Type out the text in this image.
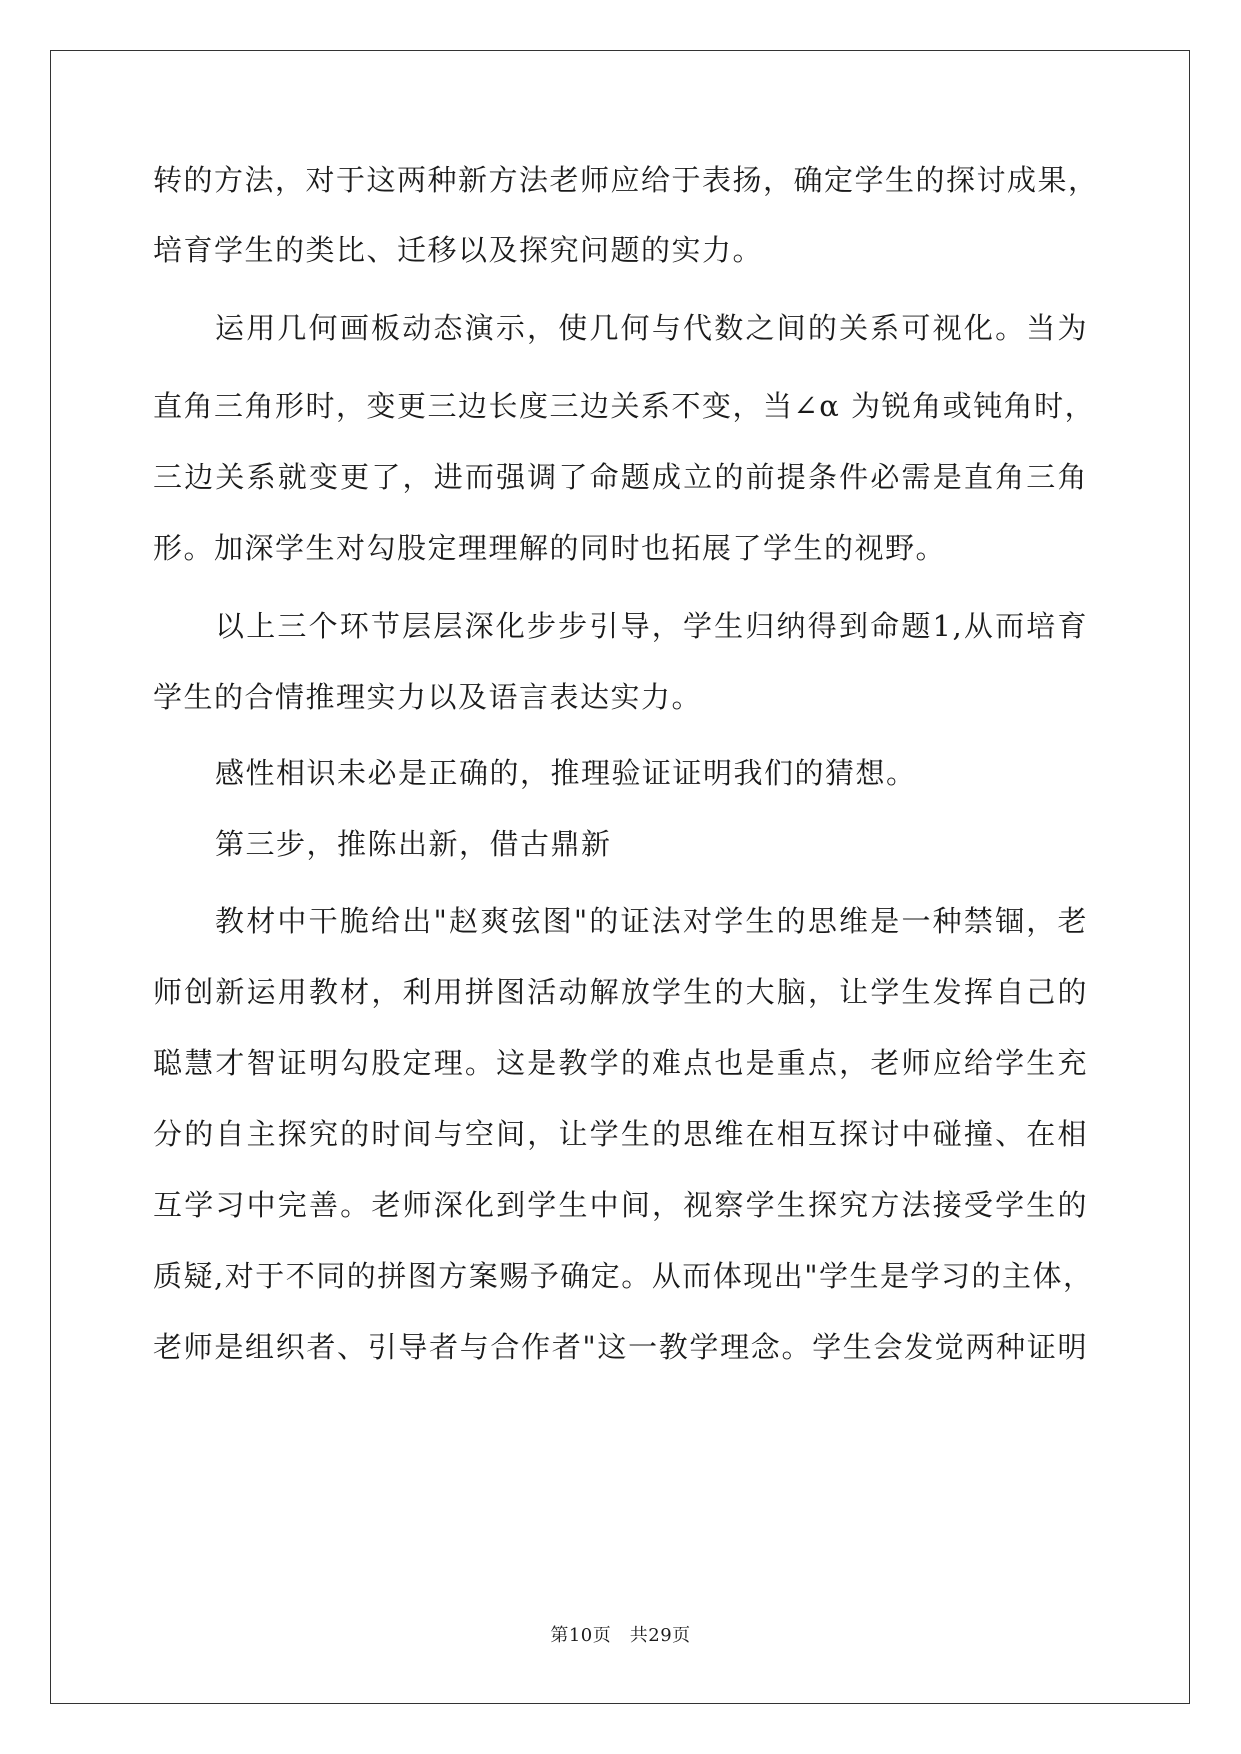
转的方法，对于这两种新方法老师应给于表扬，确定学生的探讨成果，
培育学生的类比、迁移以及探究问题的实力。
运用几何画板动态演示，使几何与代数之间的关系可视化。当为
直角三角形时，变更三边长度三边关系不变，当∠α 为锐角或钝角时，
三边关系就变更了，进而强调了命题成立的前提条件必需是直角三角
形。加深学生对勾股定理理解的同时也拓展了学生的视野。
以上三个环节层层深化步步引导，学生归纳得到命题1,从而培育
学生的合情推理实力以及语言表达实力。
感性相识未必是正确的，推理验证证明我们的猜想。
第三步，推陈出新，借古鼎新
教材中干脆给出"赵爽弦图"的证法对学生的思维是一种禁锢，老
师创新运用教材，利用拼图活动解放学生的大脑，让学生发挥自己的
聪慧才智证明勾股定理。这是教学的难点也是重点，老师应给学生充
分的自主探究的时间与空间，让学生的思维在相互探讨中碰撞、在相
互学习中完善。老师深化到学生中间，视察学生探究方法接受学生的
质疑,对于不同的拼图方案赐予确定。从而体现出"学生是学习的主体，
老师是组织者、引导者与合作者"这一教学理念。学生会发觉两种证明
第10页　共29页
